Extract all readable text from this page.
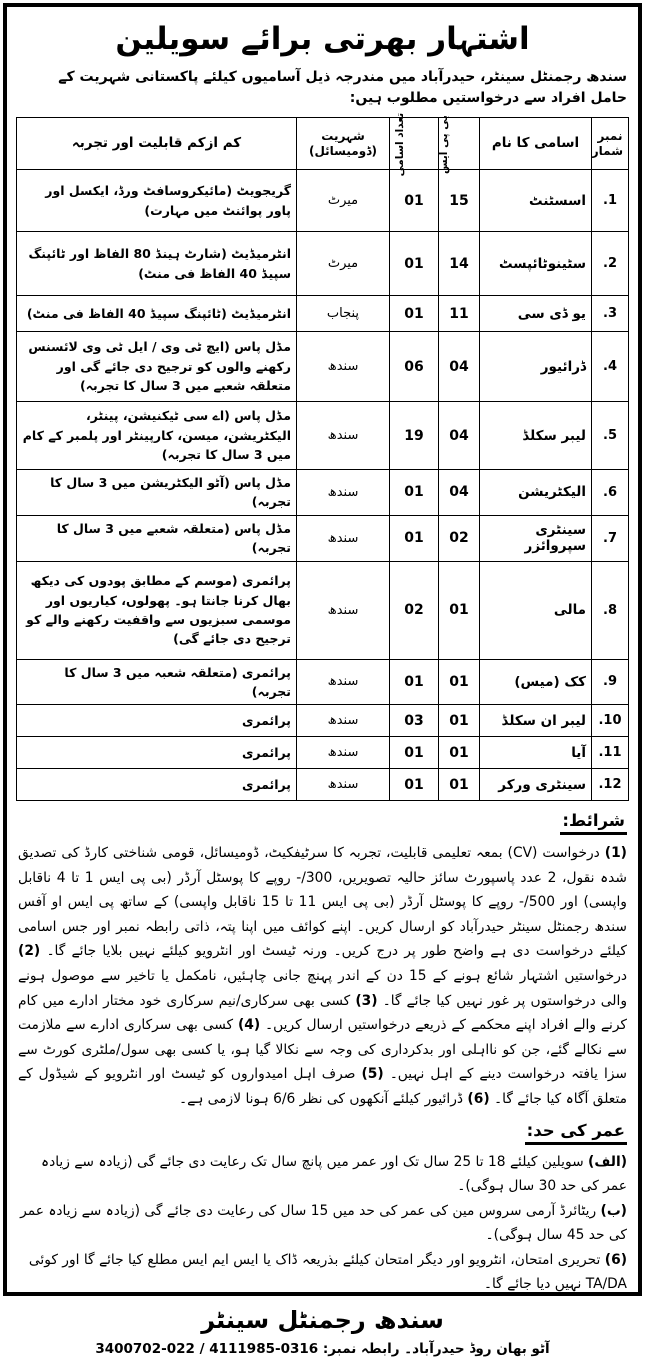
اشتہار بھرتی برائے سویلین
سندھ رجمنٹل سینٹر، حیدرآباد میں مندرجہ ذیل آسامیوں کیلئے پاکستانی شہریت کے حامل افراد سے درخواستیں مطلوب ہیں:
نمبر شمار	اسامی کا نام	بی پی ایس	تعداد اسامی	شہریت (ڈومیسائل)	کم ازکم قابلیت اور تجربہ
1.	اسسٹنٹ	15	01	میرٹ	گریجویٹ (مائیکروسافٹ ورڈ، ایکسل اور پاور پوائنٹ میں مہارت)
2.	سٹینوٹائپسٹ	14	01	میرٹ	انٹرمیڈیٹ (شارٹ ہینڈ 80 الفاظ اور ٹائپنگ سپیڈ 40 الفاظ فی منٹ)
3.	یو ڈی سی	11	01	پنجاب	انٹرمیڈیٹ (ٹائپنگ سپیڈ 40 الفاظ فی منٹ)
4.	ڈرائیور	04	06	سندھ	مڈل پاس (ایچ ٹی وی / ایل ٹی وی لائسنس رکھنے والوں کو ترجیح دی جائے گی اور متعلقہ شعبے میں 3 سال کا تجربہ)
5.	لیبر سکلڈ	04	19	سندھ	مڈل پاس (اے سی ٹیکنیشن، پینٹر، الیکٹریشن، میسن، کارپینٹر اور پلمبر کے کام میں 3 سال کا تجربہ)
6.	الیکٹریشن	04	01	سندھ	مڈل پاس (آٹو الیکٹریشن میں 3 سال کا تجربہ)
7.	سینٹری سپروائزر	02	01	سندھ	مڈل پاس (متعلقہ شعبے میں 3 سال کا تجربہ)
8.	مالی	01	02	سندھ	پرائمری (موسم کے مطابق پودوں کی دیکھ بھال کرنا جانتا ہو۔ پھولوں، کیاریوں اور موسمی سبزیوں سے واقفیت رکھنے والے کو ترجیح دی جائے گی)
9.	کک (میس)	01	01	سندھ	پرائمری (متعلقہ شعبہ میں 3 سال کا تجربہ)
10.	لیبر ان سکلڈ	01	03	سندھ	پرائمری
11.	آیا	01	01	سندھ	پرائمری
12.	سینٹری ورکر	01	01	سندھ	پرائمری
شرائط:

(1) درخواست (CV) بمعہ تعلیمی قابلیت، تجربہ کا سرٹیفکیٹ، ڈومیسائل، قومی شناختی کارڈ کی تصدیق شدہ نقول، 2 عدد پاسپورٹ سائز حالیہ تصویریں، 300/- روپے کا پوسٹل آرڈر (بی پی ایس 1 تا 4 ناقابل واپسی) اور 500/- روپے کا پوسٹل آرڈر (بی پی ایس 11 تا 15 ناقابل واپسی) کے ساتھ پی ایس او آفس سندھ رجمنٹل سینٹر حیدرآباد کو ارسال کریں۔ اپنے کوائف میں اپنا پتہ، ذاتی رابطہ نمبر اور جس اسامی کیلئے درخواست دی ہے واضح طور پر درج کریں۔ ورنہ ٹیسٹ اور انٹرویو کیلئے نہیں بلایا جائے گا۔ (2) درخواستیں اشتہار شائع ہونے کے 15 دن کے اندر پہنچ جانی چاہئیں، نامکمل یا تاخیر سے موصول ہونے والی درخواستوں پر غور نہیں کیا جائے گا۔ (3) کسی بھی سرکاری/نیم سرکاری خود مختار ادارے میں کام کرنے والے افراد اپنے محکمے کے ذریعے درخواستیں ارسال کریں۔ (4) کسی بھی سرکاری ادارے سے ملازمت سے نکالے گئے، جن کو نااہلی اور بدکرداری کی وجہ سے نکالا گیا ہو، یا کسی بھی سول/ملٹری کورٹ سے سزا یافتہ درخواست دینے کے اہل نہیں۔ (5) صرف اہل امیدواروں کو ٹیسٹ اور انٹرویو کے شیڈول کے متعلق آگاہ کیا جائے گا۔ (6) ڈرائیور کیلئے آنکھوں کی نظر 6/6 ہونا لازمی ہے۔

عمر کی حد:
(الف) سویلین کیلئے 18 تا 25 سال تک اور عمر میں پانچ سال تک رعایت دی جائے گی (زیادہ سے زیادہ عمر کی حد 30 سال ہوگی)۔
(ب) ریٹائرڈ آرمی سروس مین کی عمر کی حد میں 15 سال کی رعایت دی جائے گی (زیادہ سے زیادہ عمر کی حد 45 سال ہوگی)۔
(6) تحریری امتحان، انٹرویو اور دیگر امتحان کیلئے بذریعہ ڈاک یا ایس ایم ایس مطلع کیا جائے گا اور کوئی TA/DA نہیں دیا جائے گا۔
سندھ رجمنٹل سینٹر
آٹو بھان روڈ حیدرآباد۔ رابطہ نمبر: 0316-4111985 / 022-3400702
